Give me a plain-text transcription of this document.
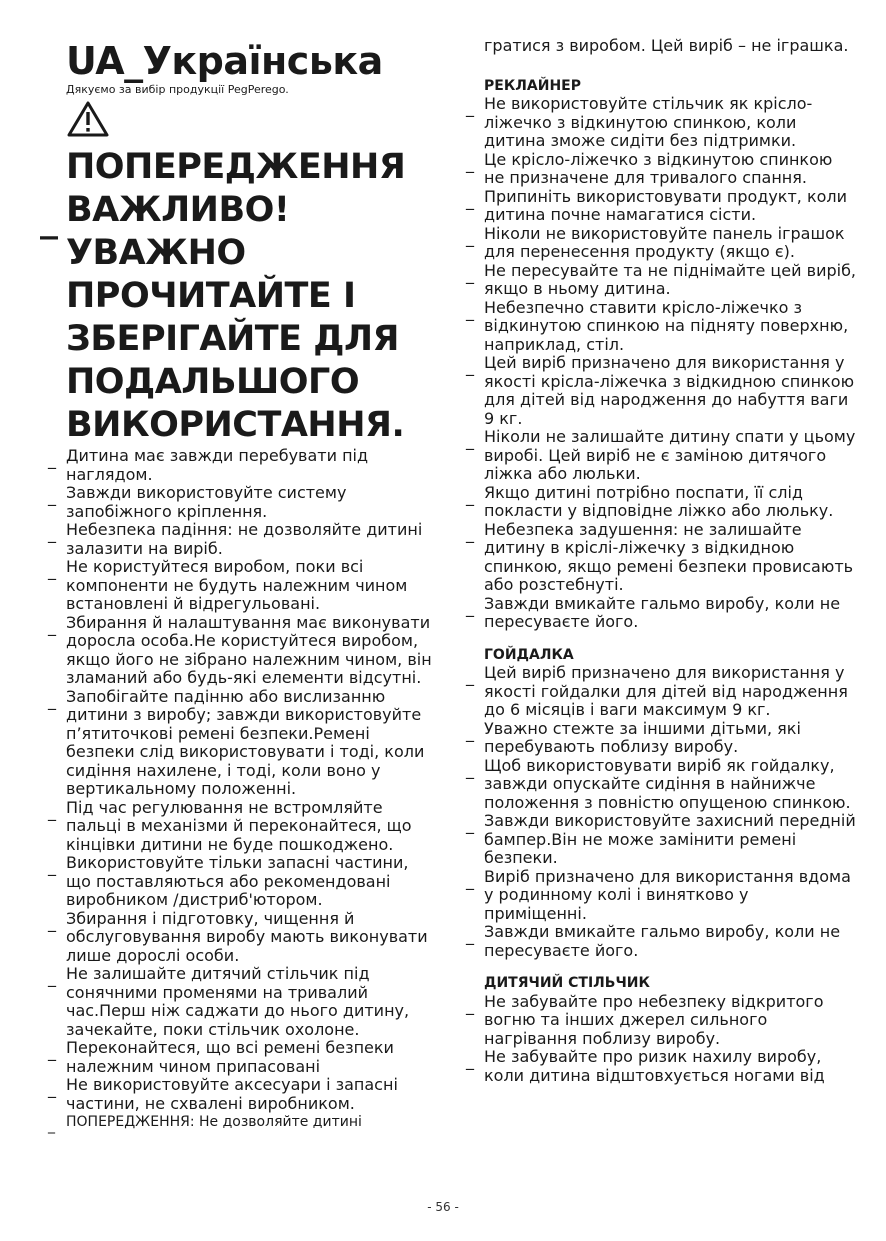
UA_Українська
Дякуємо за вибір продукції PegPerego.
_
ПОПЕРЕДЖЕННЯ ВАЖЛИВО! УВАЖНО ПРОЧИТАЙТЕ І ЗБЕРІГАЙТЕ ДЛЯ ПОДАЛЬШОГО ВИКОРИСТАННЯ.
_ Дитина має завжди перебувати під наглядом.
_ Завжди використовуйте систему запобіжного кріплення.
_ Небезпека падіння: не дозволяйте дитині залазити на виріб.
_ Не користуйтеся виробом, поки всі компоненти не будуть належним чином встановлені й відрегульовані.
_ Збирання й налаштування має виконувати доросла особа.Не користуйтеся виробом, якщо його не зібрано належним чином, він зламаний або будь-які елементи відсутні.
_ Запобігайте падінню або вислизанню дитини з виробу; завжди використовуйте п’ятиточкові ремені безпеки.Ремені безпеки слід використовувати і тоді, коли сидіння нахилене, і тоді, коли воно у вертикальному положенні.
_ Під час регулювання не встромляйте пальці в механізми й переконайтеся, що кінцівки дитини не буде пошкоджено.
_ Використовуйте тільки запасні частини, що поставляються або рекомендовані виробником /дистриб'ютором.
_ Збирання і підготовку, чищення й обслуговування виробу мають виконувати лише дорослі особи.
_ Не залишайте дитячий стільчик під сонячними променями на тривалий час.Перш ніж саджати до нього дитину, зачекайте, поки стільчик охолоне.
_ Переконайтеся, що всі ремені безпеки належним чином припасовані
_ Не використовуйте аксесуари і запасні частини, не схвалені виробником.
_ ПОПЕРЕДЖЕННЯ: Не дозволяйте дитині
гратися з виробом. Цей виріб – не іграшка.
РЕКЛАЙНЕР
_ Не використовуйте стільчик як крісло-ліжечко з відкинутою спинкою, коли дитина зможе сидіти без підтримки.
_ Це крісло-ліжечко з відкинутою спинкою не призначене для тривалого спання.
_ Припиніть використовувати продукт, коли дитина почне намагатися сісти.
_ Ніколи не використовуйте панель іграшок для перенесення продукту (якщо є).
_ Не пересувайте та не піднімайте цей виріб, якщо в ньому дитина.
_ Небезпечно ставити крісло-ліжечко з відкинутою спинкою на підняту поверхню, наприклад, стіл.
_ Цей виріб призначено для використання у якості крісла-ліжечка з відкидною спинкою для дітей від народження до набуття ваги 9 кг.
_ Ніколи не залишайте дитину спати у цьому виробі. Цей виріб не є заміною дитячого ліжка або люльки.
_ Якщо дитині потрібно поспати, її слід покласти у відповідне ліжко або люльку.
_ Небезпека задушення: не залишайте дитину в кріслі-ліжечку з відкидною спинкою, якщо ремені безпеки провисають або розстебнуті.
_ Завжди вмикайте гальмо виробу, коли не пересуваєте його.
ГОЙДАЛКА
_ Цей виріб призначено для використання у якості гойдалки для дітей від народження до 6 місяців і ваги максимум 9 кг.
_ Уважно стежте за іншими дітьми, які перебувають поблизу виробу.
_ Щоб використовувати виріб як гойдалку, завжди опускайте сидіння в найнижче положення з повністю опущеною спинкою.
_ Завжди використовуйте захисний передній бампер.Він не може замінити ремені безпеки.
_ Виріб призначено для використання вдома у родинному колі і винятково у приміщенні.
_ Завжди вмикайте гальмо виробу, коли не пересуваєте його.
ДИТЯЧИЙ СТІЛЬЧИК
_ Не забувайте про небезпеку відкритого вогню та інших джерел сильного нагрівання поблизу виробу.
_ Не забувайте про ризик нахилу виробу, коли дитина відштовхується ногами від
- 56 -
